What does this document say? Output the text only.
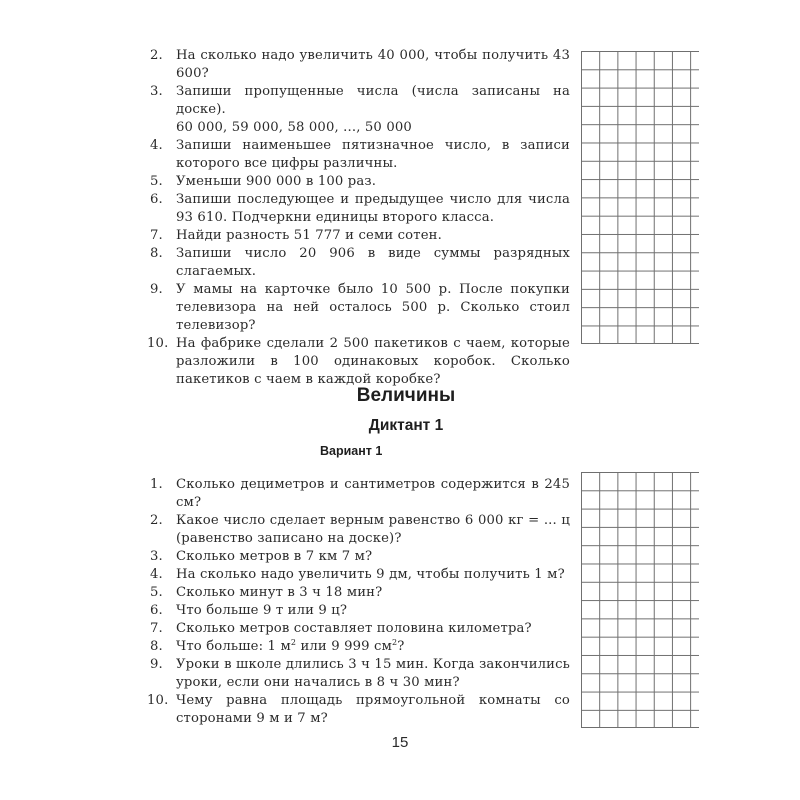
2. На сколько надо увеличить 40 000, чтобы получить 43 600?
3. Запиши пропущенные числа (числа записаны на доске).
60 000, 59 000, 58 000, ..., 50 000
4. Запиши наименьшее пятизначное число, в записи которого все цифры различны.
5. Уменьши 900 000 в 100 раз.
6. Запиши последующее и предыдущее число для числа 93 610. Подчеркни единицы второго класса.
7. Найди разность 51 777 и семи сотен.
8. Запиши число 20 906 в виде суммы разрядных слагаемых.
9. У мамы на карточке было 10 500 р. После покупки телевизора на ней осталось 500 р. Сколько стоил телевизор?
10. На фабрике сделали 2 500 пакетиков с чаем, которые разложили в 100 одинаковых коробок. Сколько пакетиков с чаем в каждой коробке?
Величины
Диктант 1
Вариант 1
1. Сколько дециметров и сантиметров содержится в 245 см?
2. Какое число сделает верным равенство 6 000 кг = ... ц (равенство записано на доске)?
3. Сколько метров в 7 км 7 м?
4. На сколько надо увеличить 9 дм, чтобы получить 1 м?
5. Сколько минут в 3 ч 18 мин?
6. Что больше 9 т или 9 ц?
7. Сколько метров составляет половина километра?
8. Что больше: 1 $м^2$ или 9 999 $см^2$?
9. Уроки в школе длились 3 ч 15 мин. Когда закончились уроки, если они начались в 8 ч 30 мин?
10. Чему равна площадь прямоугольной комнаты со сторонами 9 м и 7 м?
15
